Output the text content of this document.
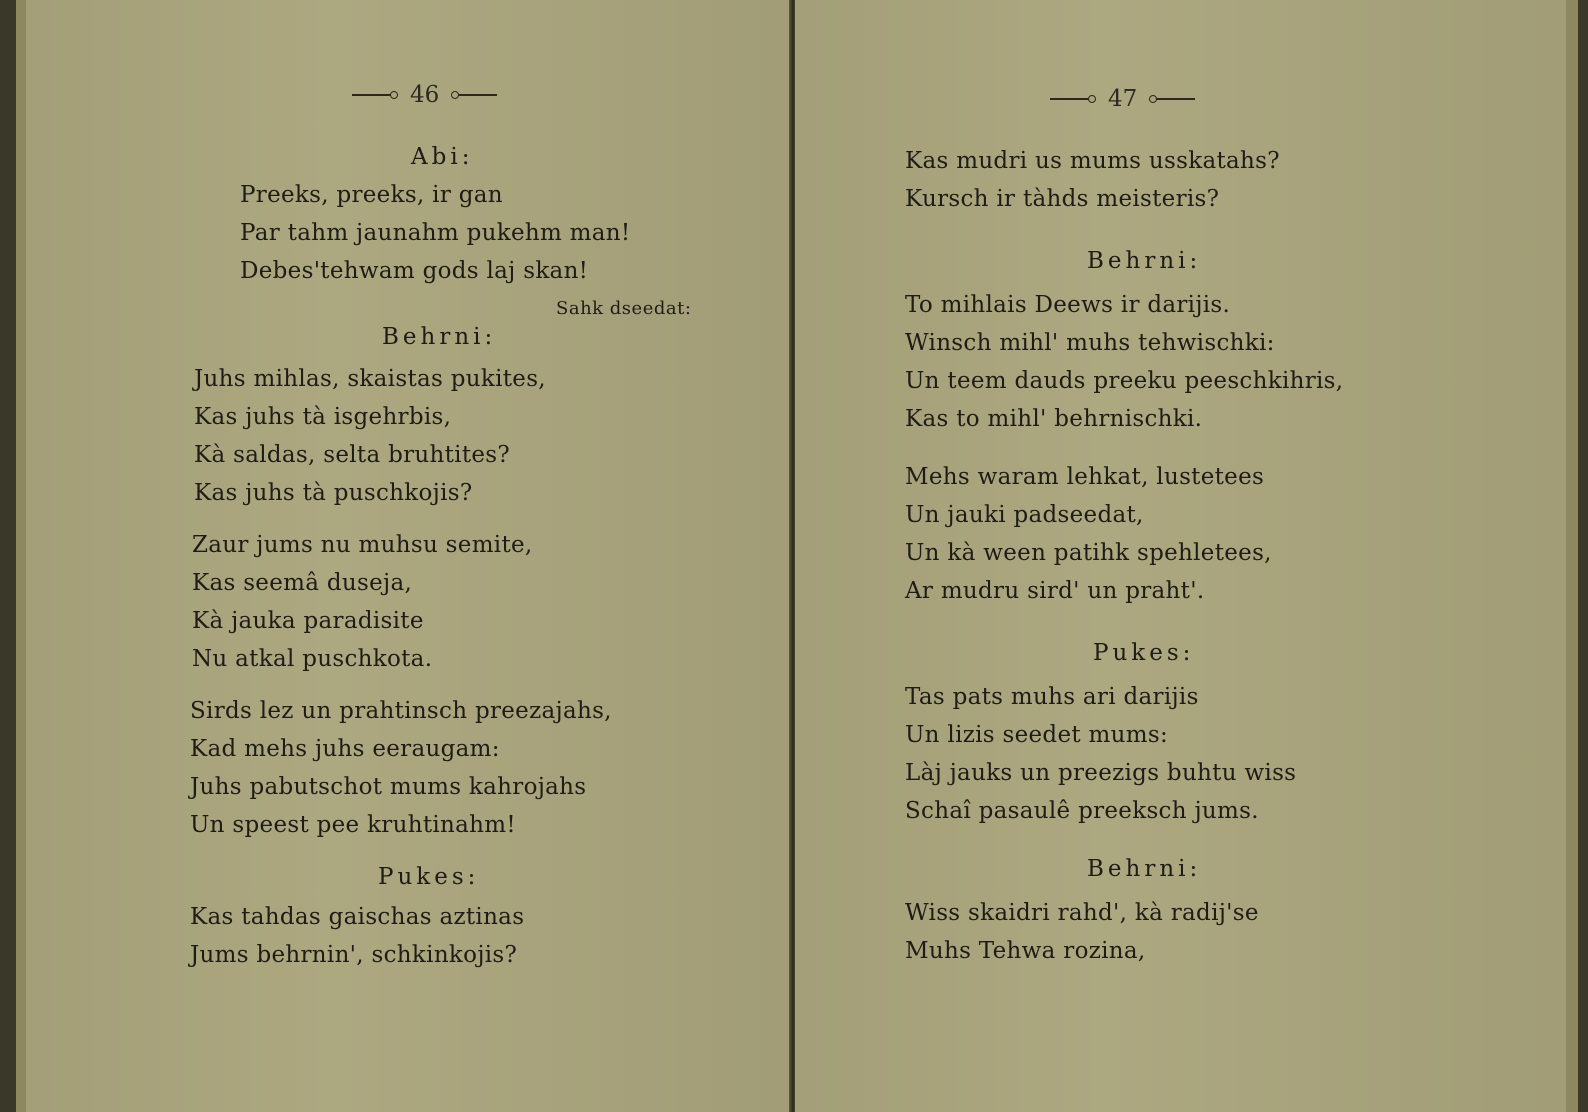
46
Abi:
Preeks, preeks, ir gan
Par tahm jaunahm pukehm man!
Debes'tehwam gods laj skan!
Sahk dseedat:
Behrni:
Juhs mihlas, skaistas pukites,
Kas juhs tà isgehrbis,
Kà saldas, selta bruhtites?
Kas juhs tà puschkojis?
Zaur jums nu muhsu semite,
Kas seemâ duseja,
Kà jauka paradisite
Nu atkal puschkota.
Sirds lez un prahtinsch preezajahs,
Kad mehs juhs eeraugam:
Juhs pabutschot mums kahrojahs
Un speest pee kruhtinahm!
Pukes:
Kas tahdas gaischas aztinas
Jums behrnin', schkinkojis?
47
Kas mudri us mums usskatahs?
Kursch ir tàhds meisteris?
Behrni:
To mihlais Deews ir darijis.
Winsch mihl' muhs tehwischki:
Un teem dauds preeku peeschkihris,
Kas to mihl' behrnischki.
Mehs waram lehkat, lustetees
Un jauki padseedat,
Un kà ween patihk spehletees,
Ar mudru sird' un praht'.
Pukes:
Tas pats muhs ari darijis
Un lizis seedet mums:
Làj jauks un preezigs buhtu wiss
Schaî pasaulê preeksch jums.
Behrni:
Wiss skaidri rahd', kà radij'se
Muhs Tehwa rozina,
